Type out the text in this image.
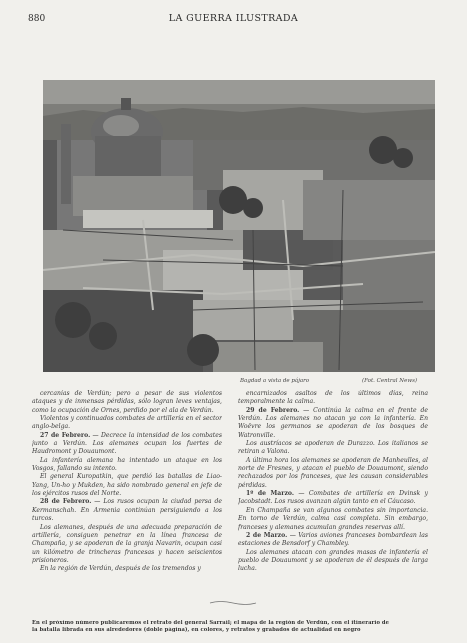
880	LA GUERRA ILUSTRADA
Bagdad a vista de pájaro	(Fot. Central News)

cercanías de Verdún; pero a pesar de sus violentos ataques y de inmensas pérdidas, sólo logran leves ventajas, como la ocupación de Ornes, perdido por el ala de Verdún.

Violentos y continuados combates de artillería en el sector anglo-belga.

27 de Febrero. — Decrece la intensidad de los combates junto a Verdún. Los alemanes ocupan los fuertes de Haudromont y Douaumont.

La infantería alemana ha intentado un ataque en los Vosgos, fallando su intento.

El general Kuropatkin, que perdió las batallas de Liao-Yang, Un-ho y Mukden, ha sido nombrado general en jefe de los ejércitos rusos del Norte.

28 de Febrero. — Los rusos ocupan la ciudad persa de Kermanschah. En Armenia continúan persiguiendo a los turcos.

Los alemanes, después de una adecuada preparación de artillería, consiguen penetrar en la línea francesa de Champaña, y se apoderan de la granja Navarin, ocupan casi un kilómetro de trincheras francesas y hacen seiscientos prisioneros.

En la región de Verdún, después de los tremendos y

encarnizados asaltos de los últimos días, reina temporalmente la calma.

29 de Febrero. — Continúa la calma en el frente de Verdún. Los alemanes no atacan ya con la infantería. En Woëvre los germanos se apoderan de los bosques de Watronville.

Los austríacos se apoderan de Durazzo. Los italianos se retiran a Valona.

A última hora los alemanes se apoderan de Manheulles, al norte de Fresnes, y atacan el pueblo de Douaumont, siendo rechazados por los franceses, que les causan considerables pérdidas.

1º de Marzo. — Combates de artillería en Dvinsk y Jacobstadt. Los rusos avanzan algún tanto en el Cáucaso.

En Champaña se van algunos combates sin importancia. En torno de Verdún, calma casi completa. Sin embargo, franceses y alemanes acumulan grandes reservas allí.

2 de Marzo. — Varios aviones franceses bombardean las estaciones de Bensdorf y Chambley.

Los alemanes atacan con grandes masas de infantería el pueblo de Douaumont y se apoderan de él después de larga lucha.

En el próximo número publicaremos el retrato del general Sarrail; el mapa de la región de Verdún, con el itinerario de
la batalla librada en sus alrededores (doble página), en colores, y retratos y grabados de actualidad en negro
